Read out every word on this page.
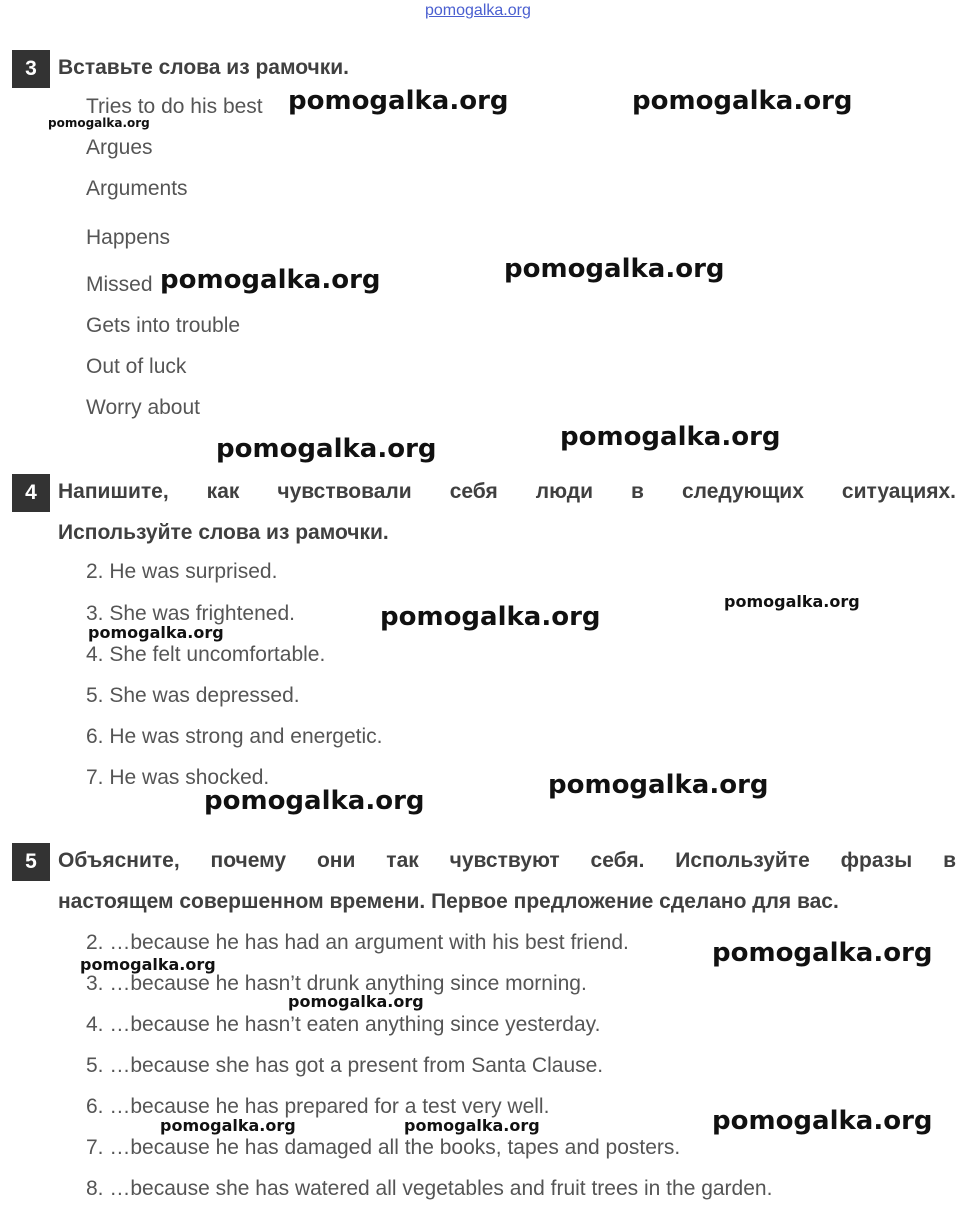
pomogalka.org
3	Вставьте слова из рамочки.
Tries to do his best
Argues
Arguments
Happens
Missed
Gets into trouble
Out of luck
Worry about
4	Напишите, как чувствовали себя люди в следующих ситуациях.
Используйте слова из рамочки.
2. He was surprised.
3. She was frightened.
4. She felt uncomfortable.
5. She was depressed.
6. He was strong and energetic.
7. He was shocked.
5	Объясните, почему они так чувствуют себя. Используйте фразы в
настоящем совершенном времени. Первое предложение сделано для вас.
2. …because he has had an argument with his best friend.
3. …because he hasn’t drunk anything since morning.
4. …because he hasn’t eaten anything since yesterday.
5. …because she has got a present from Santa Clause.
6. …because he has prepared for a test very well.
7. …because he has damaged all the books, tapes and posters.
8. …because she has watered all vegetables and fruit trees in the garden.
pomogalka.org	pomogalka.org
pomogalka.org
pomogalka.org	pomogalka.org
pomogalka.org	pomogalka.org
pomogalka.org
pomogalka.org
pomogalka.org
pomogalka.org
pomogalka.org
pomogalka.org
pomogalka.org
pomogalka.org
pomogalka.org
pomogalka.org	pomogalka.org
